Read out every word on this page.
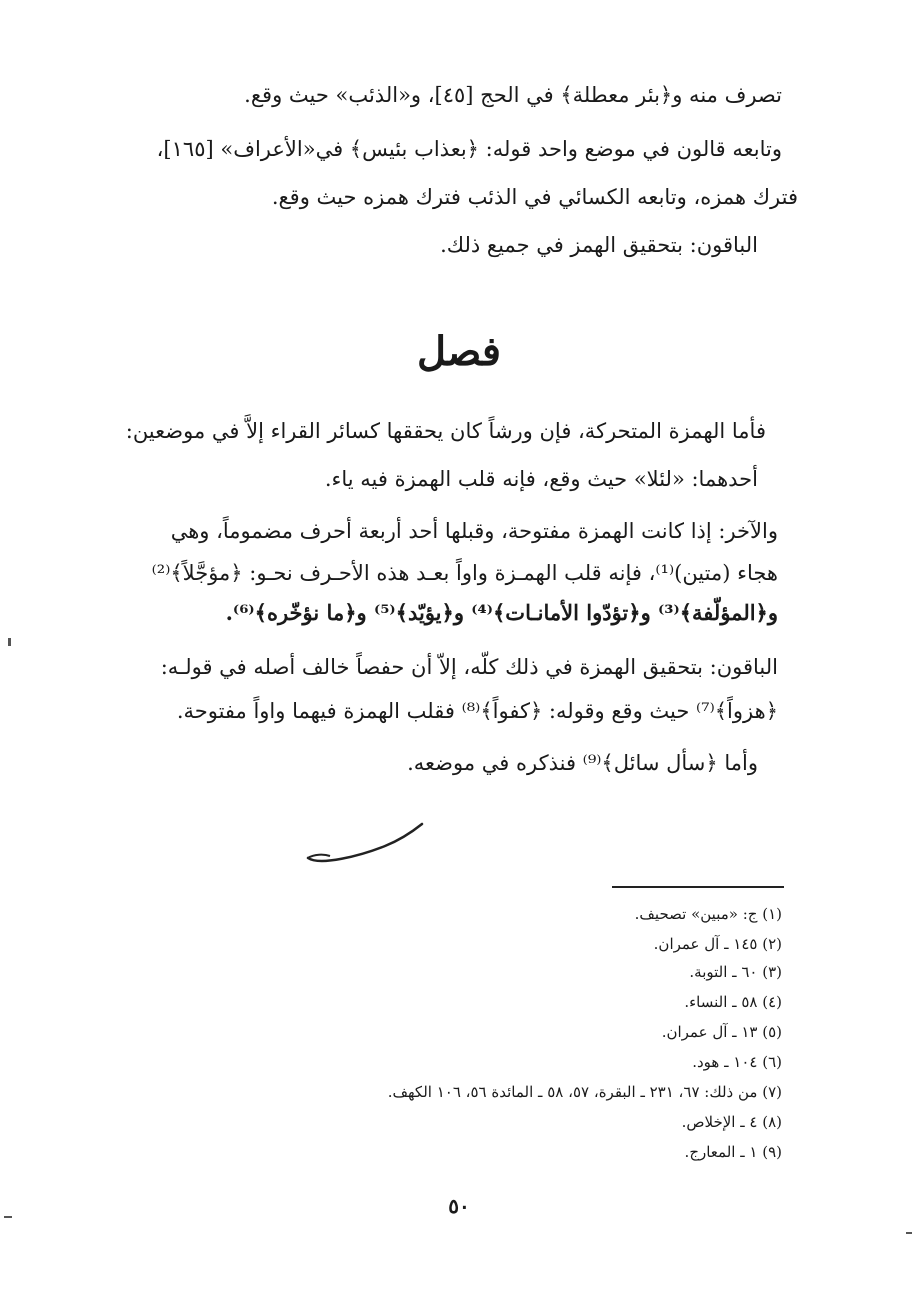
تصرف منه و﴿بئر معطلة﴾ في الحج [٤٥]، و«الذئب» حيث وقع.
وتابعه قالون في موضع واحد قوله: ﴿بعذاب بئيس﴾ في«الأعراف» [١٦٥]،
فترك همزه، وتابعه الكسائي في الذئب فترك همزه حيث وقع.
الباقون: بتحقيق الهمز في جميع ذلك.
فصل
فأما الهمزة المتحركة، فإن ورشاً كان يحققها كسائر القراء إلاَّ في موضعين:
أحدهما: «لئلا» حيث وقع، فإنه قلب الهمزة فيه ياء.
والآخر: إذا كانت الهمزة مفتوحة، وقبلها أحد أربعة أحرف مضموماً، وهي
هجاء (متين)⁽¹⁾، فإنه قلب الهمـزة واواً بعـد هذه الأحـرف نحـو: ﴿مؤجَّلاً﴾⁽²⁾
و﴿المؤلّفة﴾⁽³⁾ و﴿تؤدّوا الأمانـات﴾⁽⁴⁾ و﴿يؤيّد﴾⁽⁵⁾ و﴿ما نؤخّره﴾⁽⁶⁾.
الباقون: بتحقيق الهمزة في ذلك كلّه، إلاّ أن حفصاً خالف أصله في قولـه:
﴿هزواً﴾⁽⁷⁾ حيث وقع وقوله: ﴿كفواً﴾⁽⁸⁾ فقلب الهمزة فيهما واواً مفتوحة.
وأما ﴿سأل سائل﴾⁽⁹⁾ فنذكره في موضعه.
(١) ج: «مبين» تصحيف.
(٢) ١٤٥ ـ آل عمران.
(٣) ٦٠ ـ التوبة.
(٤) ٥٨ ـ النساء.
(٥) ١٣ ـ آل عمران.
(٦) ١٠٤ ـ هود.
(٧) من ذلك: ٦٧، ٢٣١ ـ البقرة، ٥٧، ٥٨ ـ المائدة ٥٦، ١٠٦ الكهف.
(٨) ٤ ـ الإخلاص.
(٩) ١ ـ المعارج.
٥٠
